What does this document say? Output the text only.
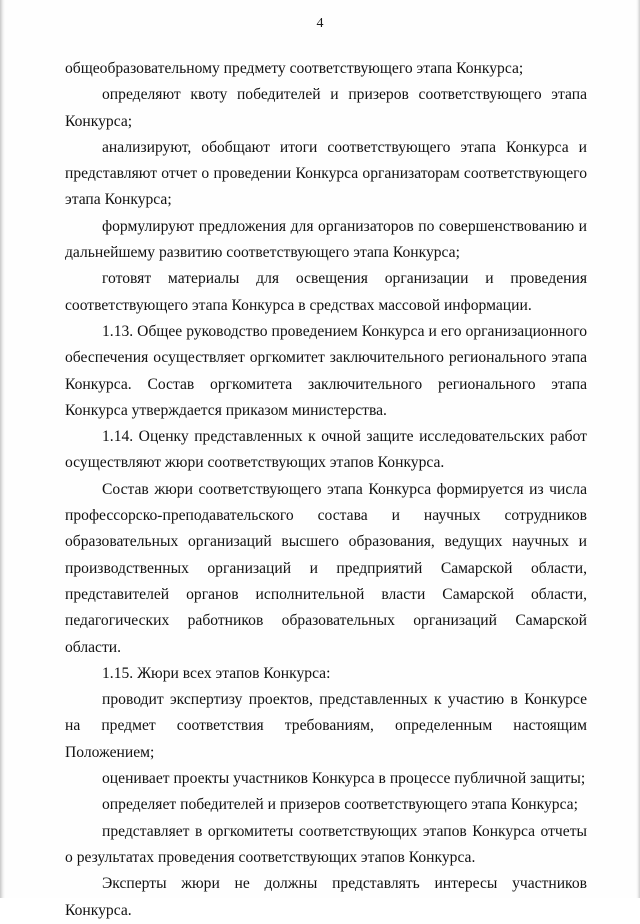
4

общеобразовательному предмету соответствующего этапа Конкурса;

определяют квоту победителей и призеров соответствующего этапа Конкурса;

анализируют, обобщают итоги соответствующего этапа Конкурса и представляют отчет о проведении Конкурса организаторам соответствующего этапа Конкурса;

формулируют предложения для организаторов по совершенствованию и дальнейшему развитию соответствующего этапа Конкурса;

готовят материалы для освещения организации и проведения соответствующего этапа Конкурса в средствах массовой информации.

1.13. Общее руководство проведением Конкурса и его организационного обеспечения осуществляет оргкомитет заключительного регионального этапа Конкурса. Состав оргкомитета заключительного регионального этапа Конкурса утверждается приказом министерства.

1.14. Оценку представленных к очной защите исследовательских работ осуществляют жюри соответствующих этапов Конкурса.

Состав жюри соответствующего этапа Конкурса формируется из числа профессорско-преподавательского состава и научных сотрудников образовательных организаций высшего образования, ведущих научных и производственных организаций и предприятий Самарской области, представителей органов исполнительной власти Самарской области, педагогических работников образовательных организаций Самарской области.

1.15. Жюри всех этапов Конкурса:

проводит экспертизу проектов, представленных к участию в Конкурсе на предмет соответствия требованиям, определенным настоящим Положением;

оценивает проекты участников Конкурса в процессе публичной защиты;

определяет победителей и призеров соответствующего этапа Конкурса;

представляет в оргкомитеты соответствующих этапов Конкурса отчеты о результатах проведения соответствующих этапов Конкурса.

Эксперты жюри не должны представлять интересы участников Конкурса.
